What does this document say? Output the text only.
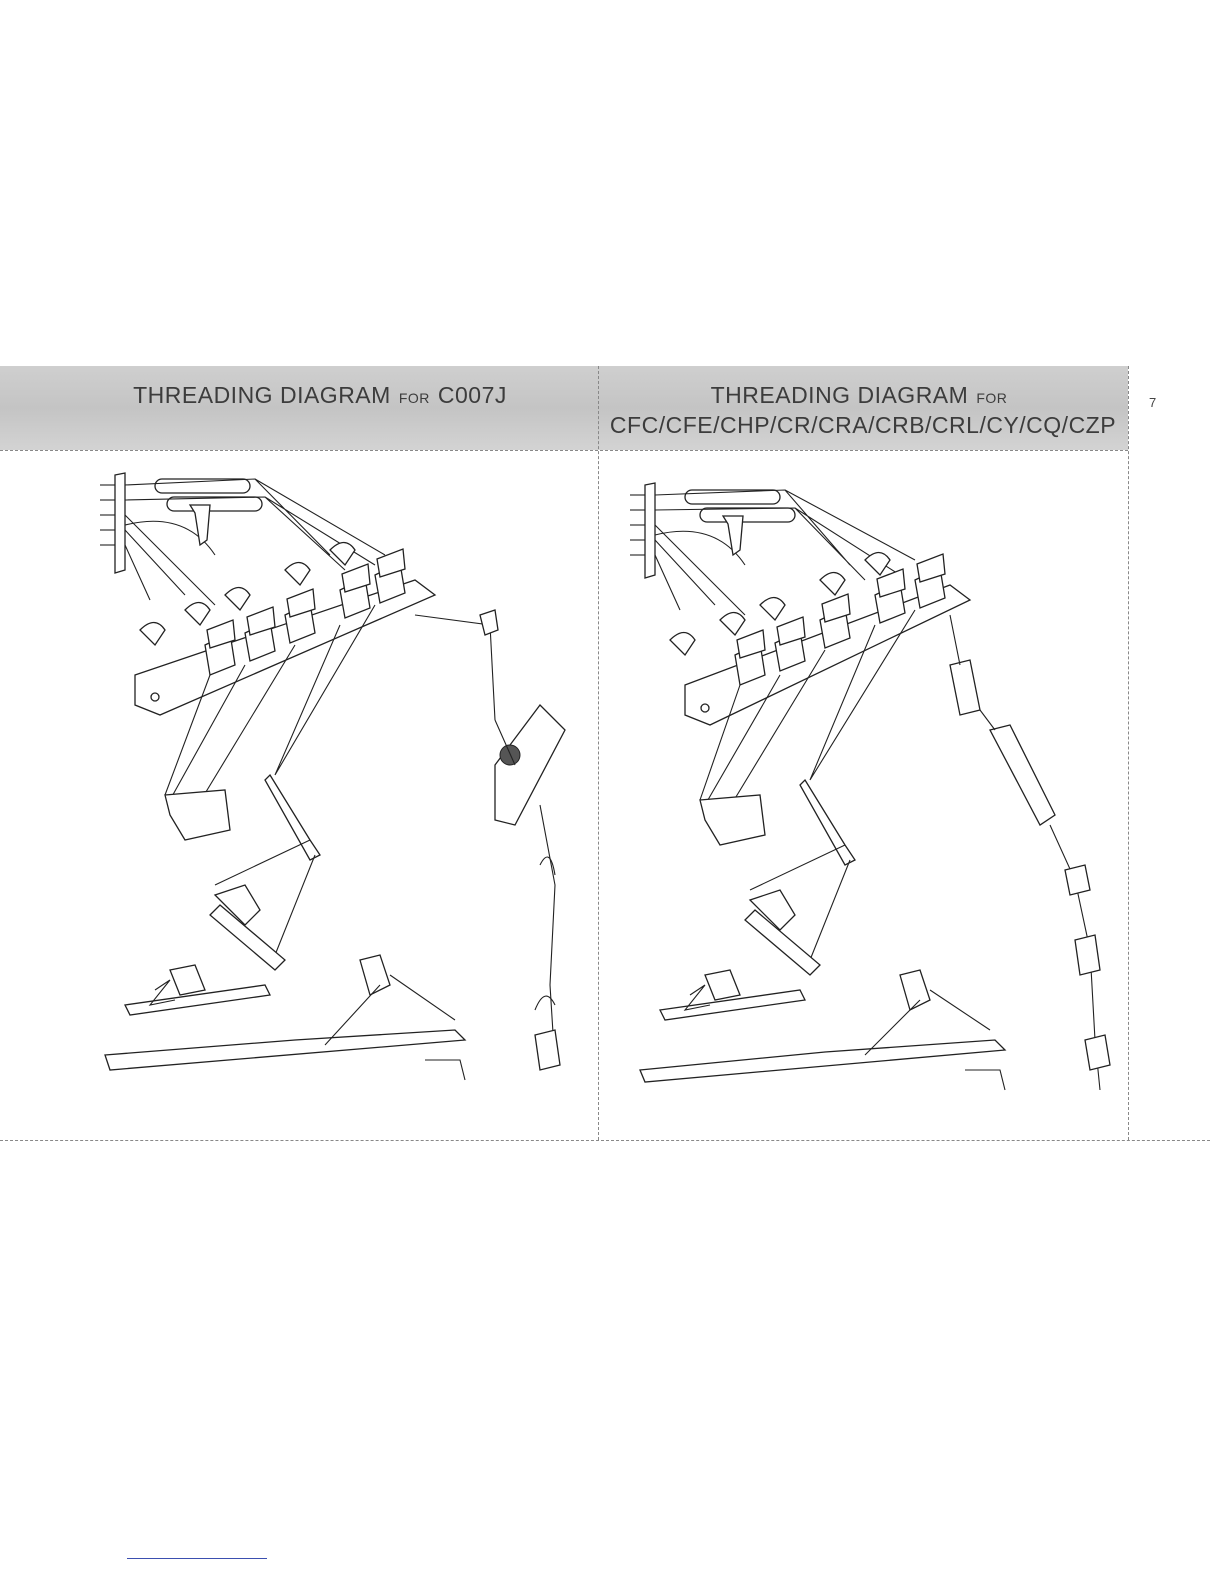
THREADING DIAGRAM FOR C007J	THREADING DIAGRAM FOR
CFC/CFE/CHP/CR/CRA/CRB/CRL/CY/CQ/CZP
7
